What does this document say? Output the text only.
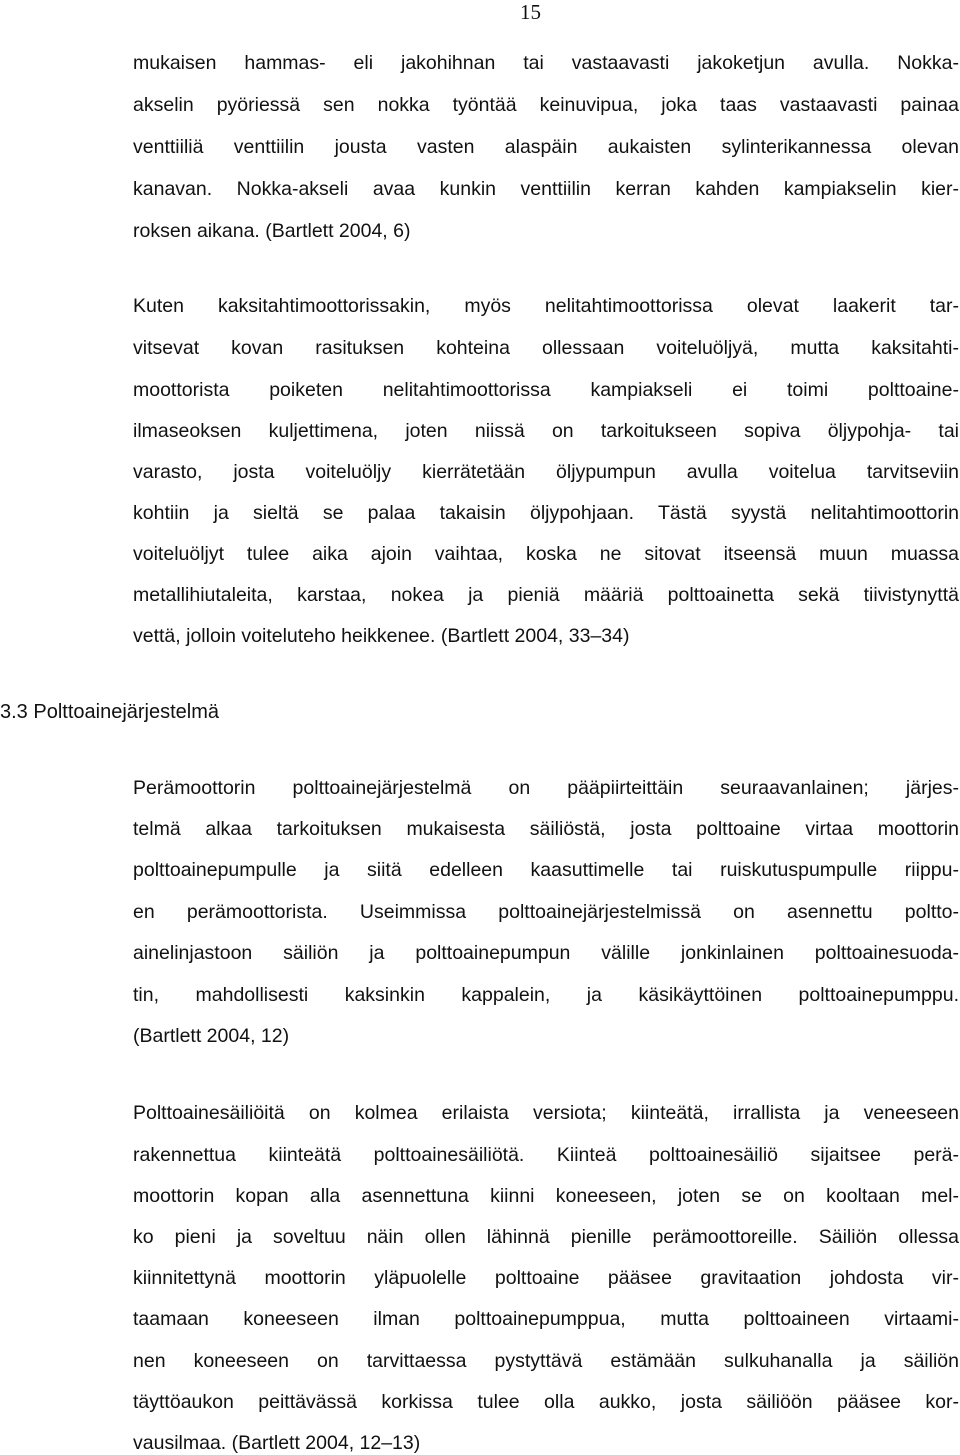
15
mukaisen hammas- eli jakohihnan tai vastaavasti jakoketjun avulla. Nokka-
akselin pyöriessä sen nokka työntää keinuvipua, joka taas vastaavasti painaa
venttiiliä venttiilin jousta vasten alaspäin aukaisten sylinterikannessa olevan
kanavan. Nokka-akseli avaa kunkin venttiilin kerran kahden kampiakselin kier-
roksen aikana. (Bartlett 2004, 6)
Kuten kaksitahtimoottorissakin, myös nelitahtimoottorissa olevat laakerit tar-
vitsevat kovan rasituksen kohteina ollessaan voiteluöljyä, mutta kaksitahti-
moottorista poiketen nelitahtimoottorissa kampiakseli ei toimi polttoaine-
ilmaseoksen kuljettimena, joten niissä on tarkoitukseen sopiva öljypohja- tai
varasto, josta voiteluöljy kierrätetään öljypumpun avulla voitelua tarvitseviin
kohtiin ja sieltä se palaa takaisin öljypohjaan. Tästä syystä nelitahtimoottorin
voiteluöljyt tulee aika ajoin vaihtaa, koska ne sitovat itseensä muun muassa
metallihiutaleita, karstaa, nokea ja pieniä määriä polttoainetta sekä tiivistynyttä
vettä, jolloin voiteluteho heikkenee. (Bartlett 2004, 33–34)
3.3 Polttoainejärjestelmä
Perämoottorin polttoainejärjestelmä on pääpiirteittäin seuraavanlainen; järjes-
telmä alkaa tarkoituksen mukaisesta säiliöstä, josta polttoaine virtaa moottorin
polttoainepumpulle ja siitä edelleen kaasuttimelle tai ruiskutuspumpulle riippu-
en perämoottorista. Useimmissa polttoainejärjestelmissä on asennettu poltto-
ainelinjastoon säiliön ja polttoainepumpun välille jonkinlainen polttoainesuoda-
tin, mahdollisesti kaksinkin kappalein, ja käsikäyttöinen polttoainepumppu.
(Bartlett 2004, 12)
Polttoainesäiliöitä on kolmea erilaista versiota; kiinteätä, irrallista ja veneeseen
rakennettua kiinteätä polttoainesäiliötä. Kiinteä polttoainesäiliö sijaitsee perä-
moottorin kopan alla asennettuna kiinni koneeseen, joten se on kooltaan mel-
ko pieni ja soveltuu näin ollen lähinnä pienille perämoottoreille. Säiliön ollessa
kiinnitettynä moottorin yläpuolelle polttoaine pääsee gravitaation johdosta vir-
taamaan koneeseen ilman polttoainepumppua, mutta polttoaineen virtaami-
nen koneeseen on tarvittaessa pystyttävä estämään sulkuhanalla ja säiliön
täyttöaukon peittävässä korkissa tulee olla aukko, josta säiliöön pääsee kor-
vausilmaa. (Bartlett 2004, 12–13)
